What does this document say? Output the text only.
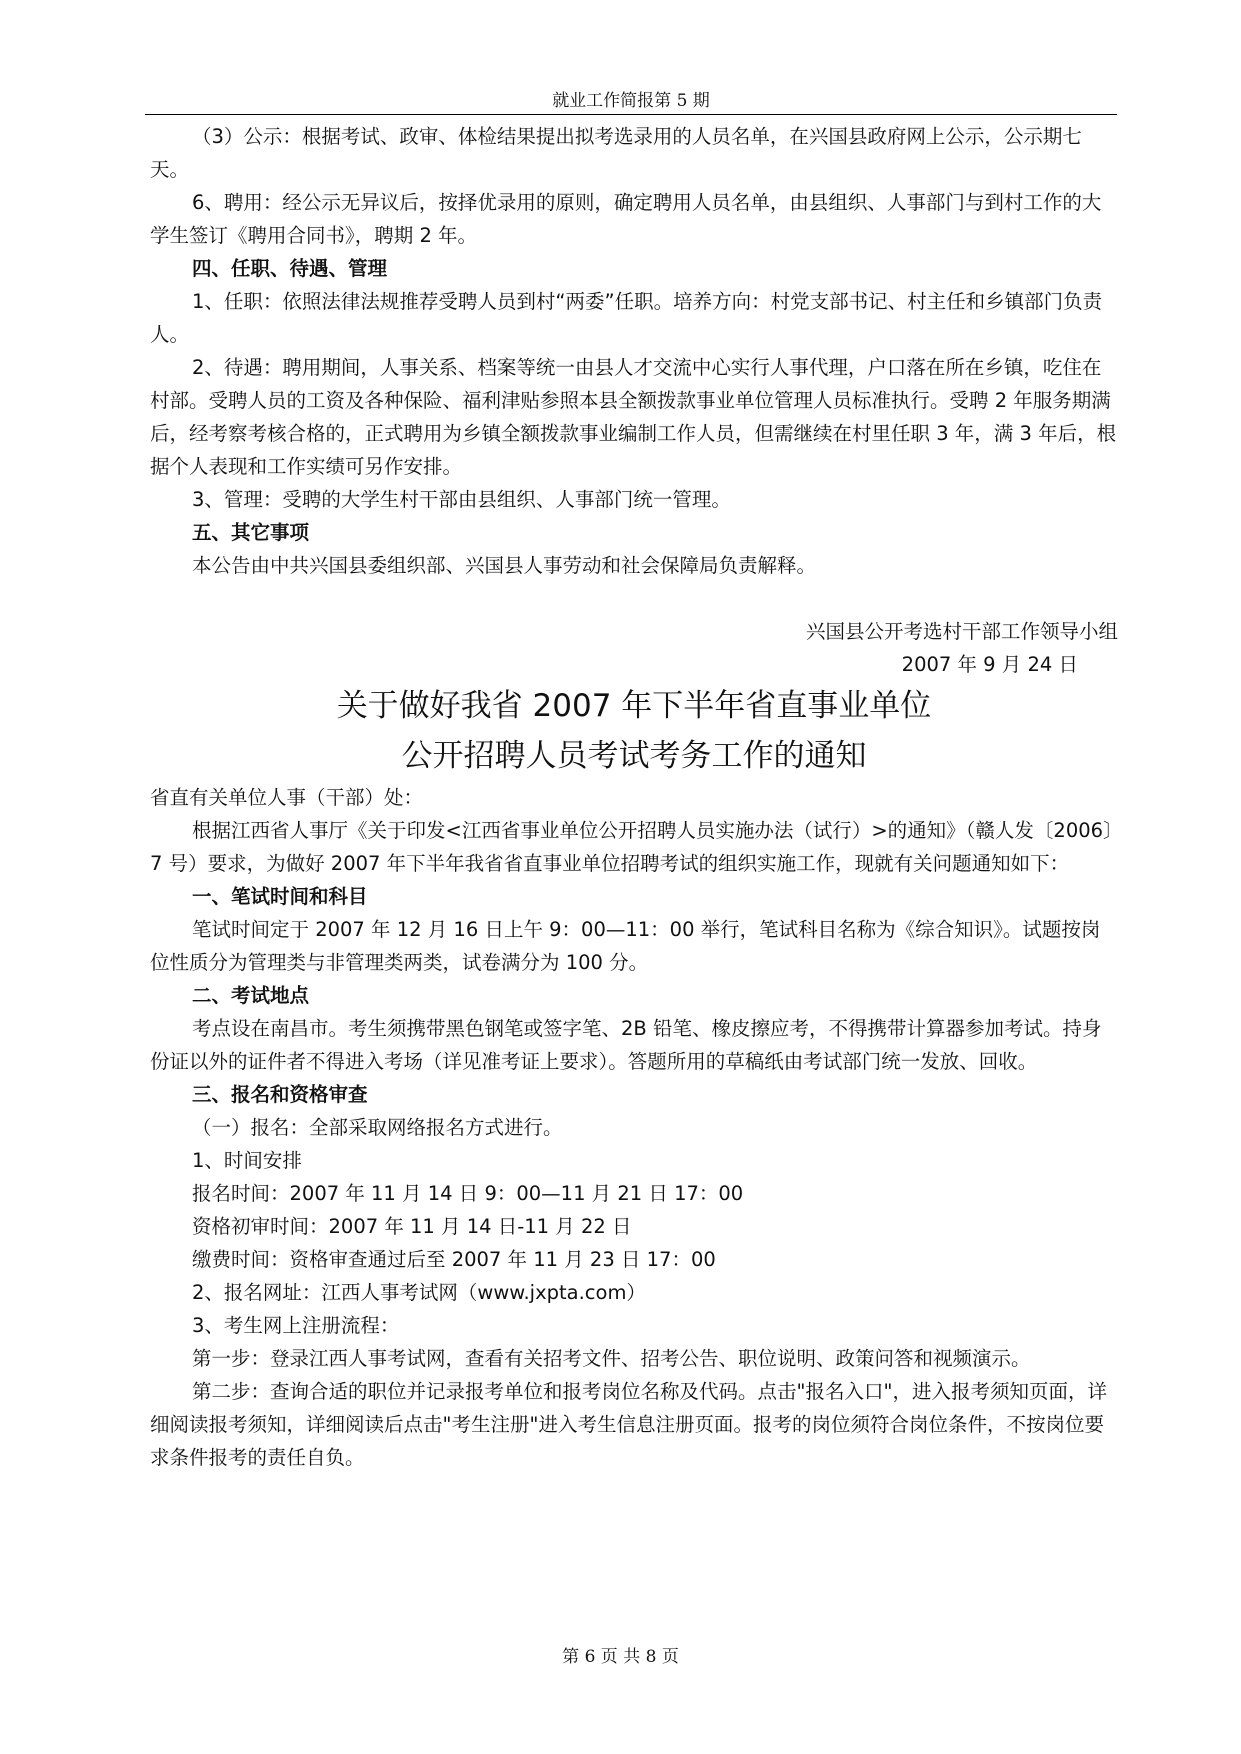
就业工作简报第 5 期

（3）公示：根据考试、政审、体检结果提出拟考选录用的人员名单，在兴国县政府网上公示，公示期七天。

6、聘用：经公示无异议后，按择优录用的原则，确定聘用人员名单，由县组织、人事部门与到村工作的大学生签订《聘用合同书》，聘期 2 年。

四、任职、待遇、管理

1、任职：依照法律法规推荐受聘人员到村“两委”任职。培养方向：村党支部书记、村主任和乡镇部门负责人。

2、待遇：聘用期间，人事关系、档案等统一由县人才交流中心实行人事代理，户口落在所在乡镇，吃住在村部。受聘人员的工资及各种保险、福利津贴参照本县全额拨款事业单位管理人员标准执行。受聘 2 年服务期满后，经考察考核合格的，正式聘用为乡镇全额拨款事业编制工作人员，但需继续在村里任职 3 年，满 3 年后，根据个人表现和工作实绩可另作安排。

3、管理：受聘的大学生村干部由县组织、人事部门统一管理。

五、其它事项

本公告由中共兴国县委组织部、兴国县人事劳动和社会保障局负责解释。

兴国县公开考选村干部工作领导小组

2007 年 9 月 24 日

关于做好我省 2007 年下半年省直事业单位

公开招聘人员考试考务工作的通知

省直有关单位人事（干部）处：

根据江西省人事厅《关于印发<江西省事业单位公开招聘人员实施办法（试行）>的通知》（赣人发〔2006〕7 号）要求，为做好 2007 年下半年我省省直事业单位招聘考试的组织实施工作，现就有关问题通知如下：

一、笔试时间和科目

笔试时间定于 2007 年 12 月 16 日上午 9：00—11：00 举行，笔试科目名称为《综合知识》。试题按岗位性质分为管理类与非管理类两类，试卷满分为 100 分。

二、考试地点

考点设在南昌市。考生须携带黑色钢笔或签字笔、2B 铅笔、橡皮擦应考，不得携带计算器参加考试。持身份证以外的证件者不得进入考场（详见准考证上要求）。答题所用的草稿纸由考试部门统一发放、回收。

三、报名和资格审查

（一）报名：全部采取网络报名方式进行。

1、时间安排

报名时间：2007 年 11 月 14 日 9：00—11 月 21 日 17：00

资格初审时间：2007 年 11 月 14 日-11 月 22 日

缴费时间：资格审查通过后至 2007 年 11 月 23 日 17：00

2、报名网址：江西人事考试网（www.jxpta.com）

3、考生网上注册流程：

第一步：登录江西人事考试网，查看有关招考文件、招考公告、职位说明、政策问答和视频演示。

第二步：查询合适的职位并记录报考单位和报考岗位名称及代码。点击"报名入口"，进入报考须知页面，详细阅读报考须知，详细阅读后点击"考生注册"进入考生信息注册页面。报考的岗位须符合岗位条件，不按岗位要求条件报考的责任自负。

第 6 页 共 8 页
